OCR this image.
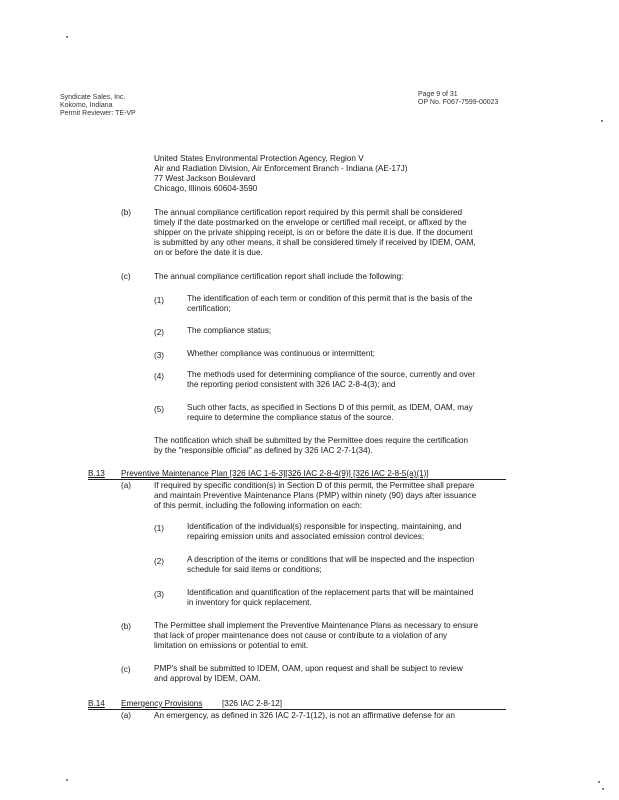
Syndicate Sales, Inc.
Kokomo, Indiana
Permit Reviewer: TE-VP
Page 9 of 31
OP No. F067-7599-00023
United States Environmental Protection Agency, Region V
Air and Radiation Division, Air Enforcement Branch - Indiana (AE-17J)
77 West Jackson Boulevard
Chicago, Illinois 60604-3590
(b)	The annual compliance certification report required by this permit shall be considered
timely if the date postmarked on the envelope or certified mail receipt, or affixed by the
shipper on the private shipping receipt, is on or before the date it is due. If the document
is submitted by any other means, it shall be considered timely if received by IDEM, OAM,
on or before the date it is due.
(c)	The annual compliance certification report shall include the following:
(1)	The identification of each term or condition of this permit that is the basis of the
certification;
(2)	The compliance status;
(3)	Whether compliance was continuous or intermittent;
(4)	The methods used for determining compliance of the source, currently and over
the reporting period consistent with 326 IAC 2-8-4(3); and
(5)	Such other facts, as specified in Sections D of this permit, as IDEM, OAM, may
require to determine the compliance status of the source.
The notification which shall be submitted by the Permittee does require the certification
by the "responsible official" as defined by 326 IAC 2-7-1(34).
B.13 Preventive Maintenance Plan [326 IAC 1-6-3][326 IAC 2-8-4(9)] [326 IAC 2-8-5(a)(1)]
(a)	If required by specific condition(s) in Section D of this permit, the Permittee shall prepare
and maintain Preventive Maintenance Plans (PMP) within ninety (90) days after issuance
of this permit, including the following information on each:
(1)	Identification of the individual(s) responsible for inspecting, maintaining, and
repairing emission units and associated emission control devices;
(2)	A description of the items or conditions that will be inspected and the inspection
schedule for said items or conditions;
(3)	Identification and quantification of the replacement parts that will be maintained
in inventory for quick replacement.
(b)	The Permittee shall implement the Preventive Maintenance Plans as necessary to ensure
that lack of proper maintenance does not cause or contribute to a violation of any
limitation on emissions or potential to emit.
(c)	PMP's shall be submitted to IDEM, OAM, upon request and shall be subject to review
and approval by IDEM, OAM.
B.14 Emergency Provisions [326 IAC 2-8-12]
(a)	An emergency, as defined in 326 IAC 2-7-1(12), is not an affirmative defense for an
